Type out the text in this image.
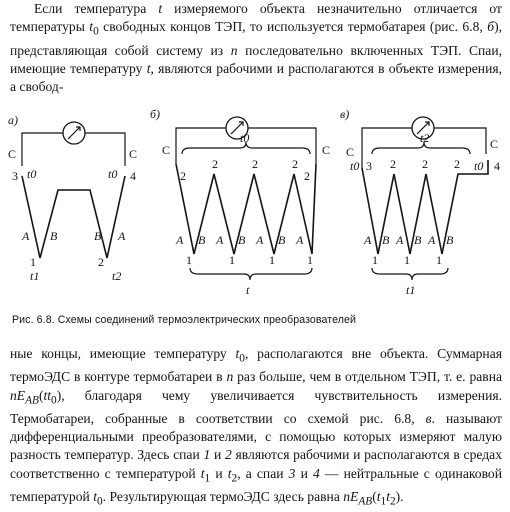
Если температура t измеряемого объекта незначительно отличается от температуры $t_0$ свободных концов ТЭП, то используется термобатарея (рис. 6.8, б), представляющая собой систему из n последовательно включенных ТЭП. Спаи, имеющие температуру t, являются рабочими и располагаются в объекте измерения, а свобод-

а)
C	C
3	4
t0	t0
A B	B A
1	2
t1	t2
б)
C	C
t0
2
2	2	2
2
A B A B A B A
1	1	1	1
t
в)
C
C
t2
t0 3	t0 4
2 2 2
A B A B A B
1 1 1
t1
Рис. 6.8. Схемы соединений термоэлектрических преобразователей

ные концы, имеющие температуру $t_0$, располагаются вне объекта. Суммарная термоЭДС в контуре термобатареи в n раз больше, чем в отдельном ТЭП, т. е. равна $nE_{AB}(tt_0)$, благодаря чему увеличивается чувствительность измерения. Термобатареи, собранные в соответствии со схемой рис. 6.8, в. называют дифференциальными преобразователями, с помощью которых измеряют малую разность температур. Здесь спаи 1 и 2 являются рабочими и располагаются в средах соответственно с температурой $t_1$ и $t_2$, а спаи 3 и 4 — нейтральные с одинаковой температурой $t_0$. Результирующая термоЭДС здесь равна $nE_{AB}(t_1t_2)$.
